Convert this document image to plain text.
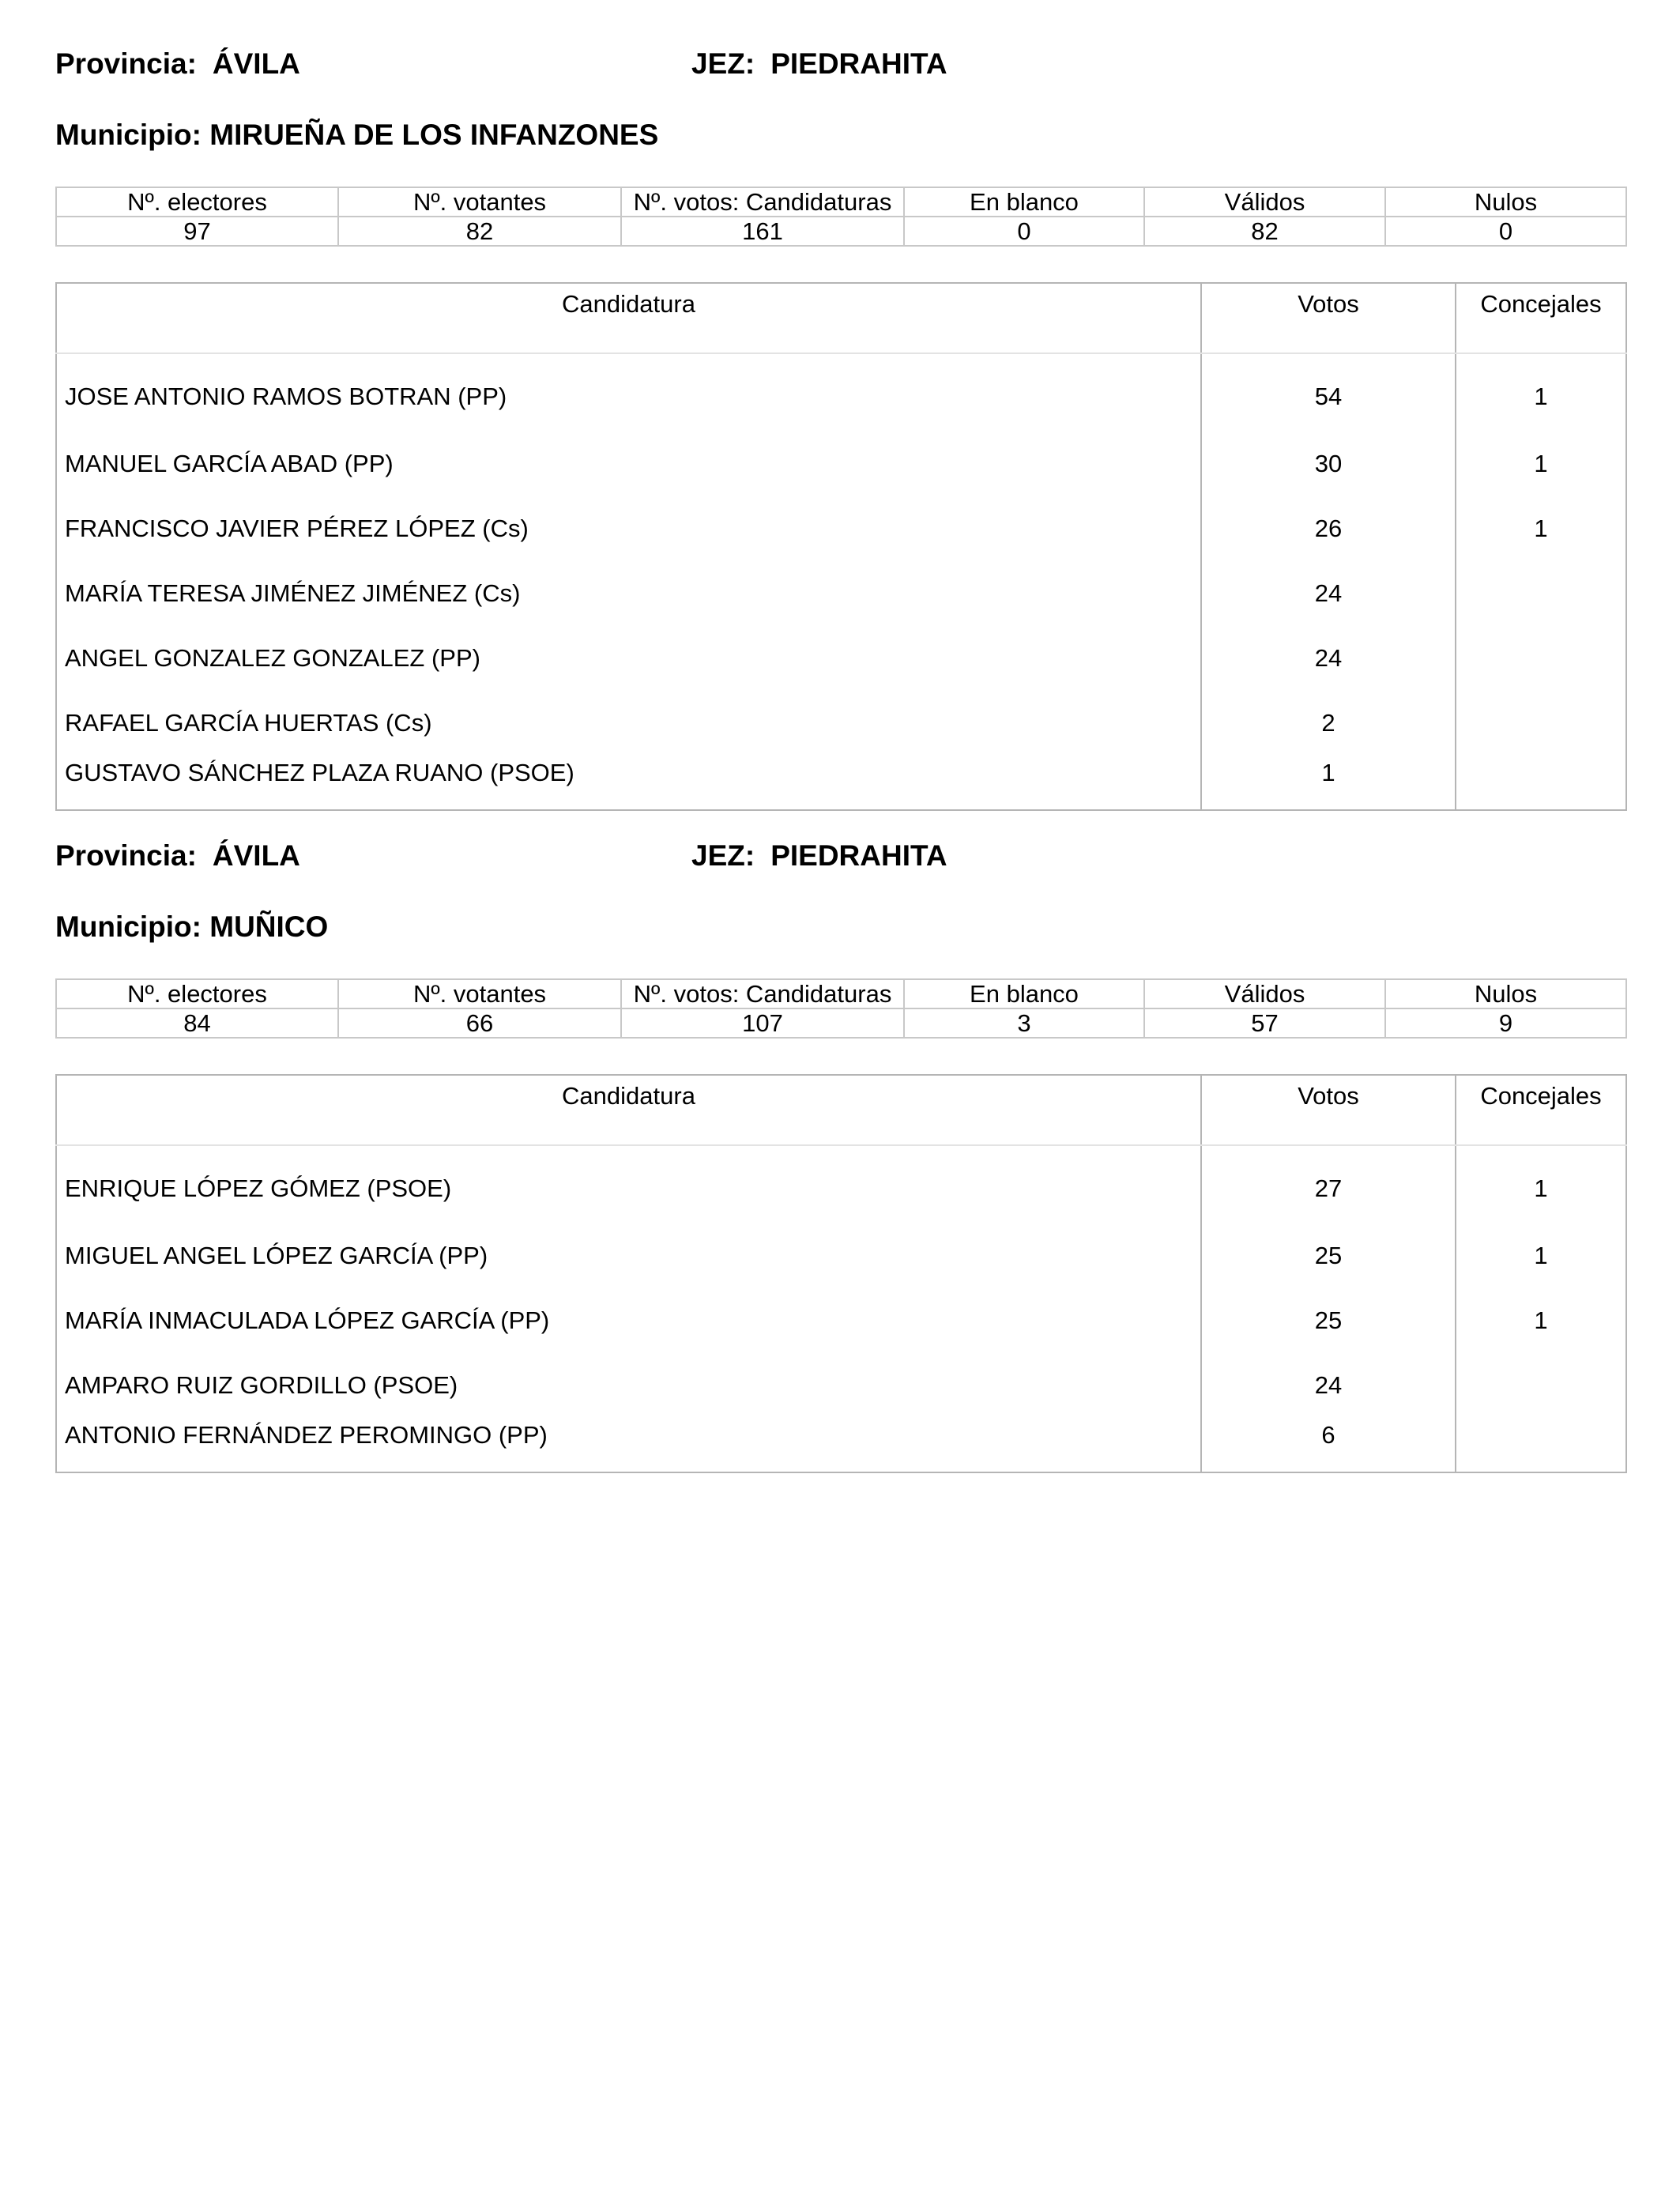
Provincia: ÁVILA	JEZ: PIEDRAHITA
Municipio: MIRUEÑA DE LOS INFANZONES
Nº. electores	Nº. votantes	Nº. votos: Candidaturas	En blanco	Válidos	Nulos
97	82	161	0	82	0
Candidatura	Votos	Concejales
JOSE ANTONIO RAMOS BOTRAN (PP)	54	1
MANUEL GARCÍA ABAD (PP)	30	1
FRANCISCO JAVIER PÉREZ LÓPEZ (Cs)	26	1
MARÍA TERESA JIMÉNEZ JIMÉNEZ (Cs)	24	
ANGEL GONZALEZ GONZALEZ (PP)	24	
RAFAEL GARCÍA HUERTAS (Cs)	2	
GUSTAVO SÁNCHEZ PLAZA RUANO (PSOE)	1	
Provincia: ÁVILA	JEZ: PIEDRAHITA
Municipio: MUÑICO
Nº. electores	Nº. votantes	Nº. votos: Candidaturas	En blanco	Válidos	Nulos
84	66	107	3	57	9
Candidatura	Votos	Concejales
ENRIQUE LÓPEZ GÓMEZ (PSOE)	27	1
MIGUEL ANGEL LÓPEZ GARCÍA (PP)	25	1
MARÍA INMACULADA LÓPEZ GARCÍA (PP)	25	1
AMPARO RUIZ GORDILLO (PSOE)	24	
ANTONIO FERNÁNDEZ PEROMINGO (PP)	6	
